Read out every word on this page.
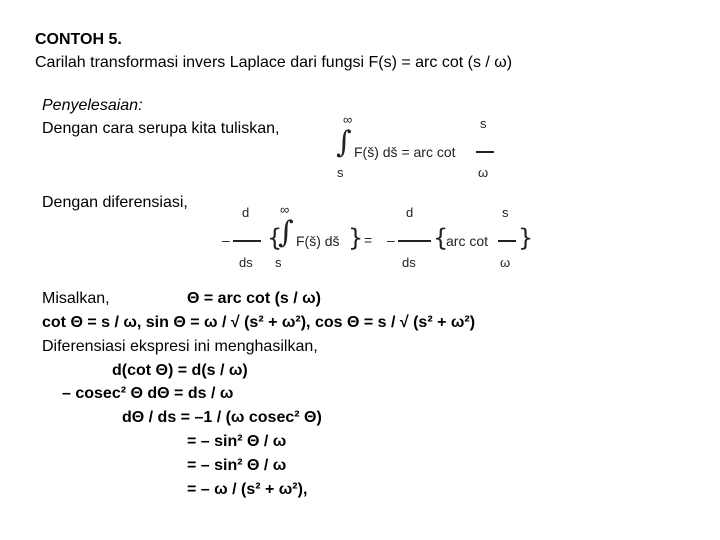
CONTOH 5.
Carilah transformasi invers Laplace dari fungsi F(s) = arc cot (s / ω)
Penyelesaian:
Dengan cara serupa kita tuliskan,
∞
∫ F(š) dš = arc cot
s
s
ω
Dengan diferensiasi,
–
d
ds
{
∞
∫ F(š) dš }
s
= –
d
ds
{
arc cot
s
ω
}
Misalkan,	Θ = arc cot (s / ω)
cot Θ = s / ω, sin Θ = ω / √ (s² + ω²), cos Θ = s / √ (s² + ω²)
Diferensiasi ekspresi ini menghasilkan,
d(cot Θ) = d(s / ω)
– cosec² Θ dΘ = ds / ω
dΘ / ds = –1 / (ω cosec² Θ)
= – sin² Θ / ω
= – sin² Θ / ω
= – ω / (s² + ω²),
